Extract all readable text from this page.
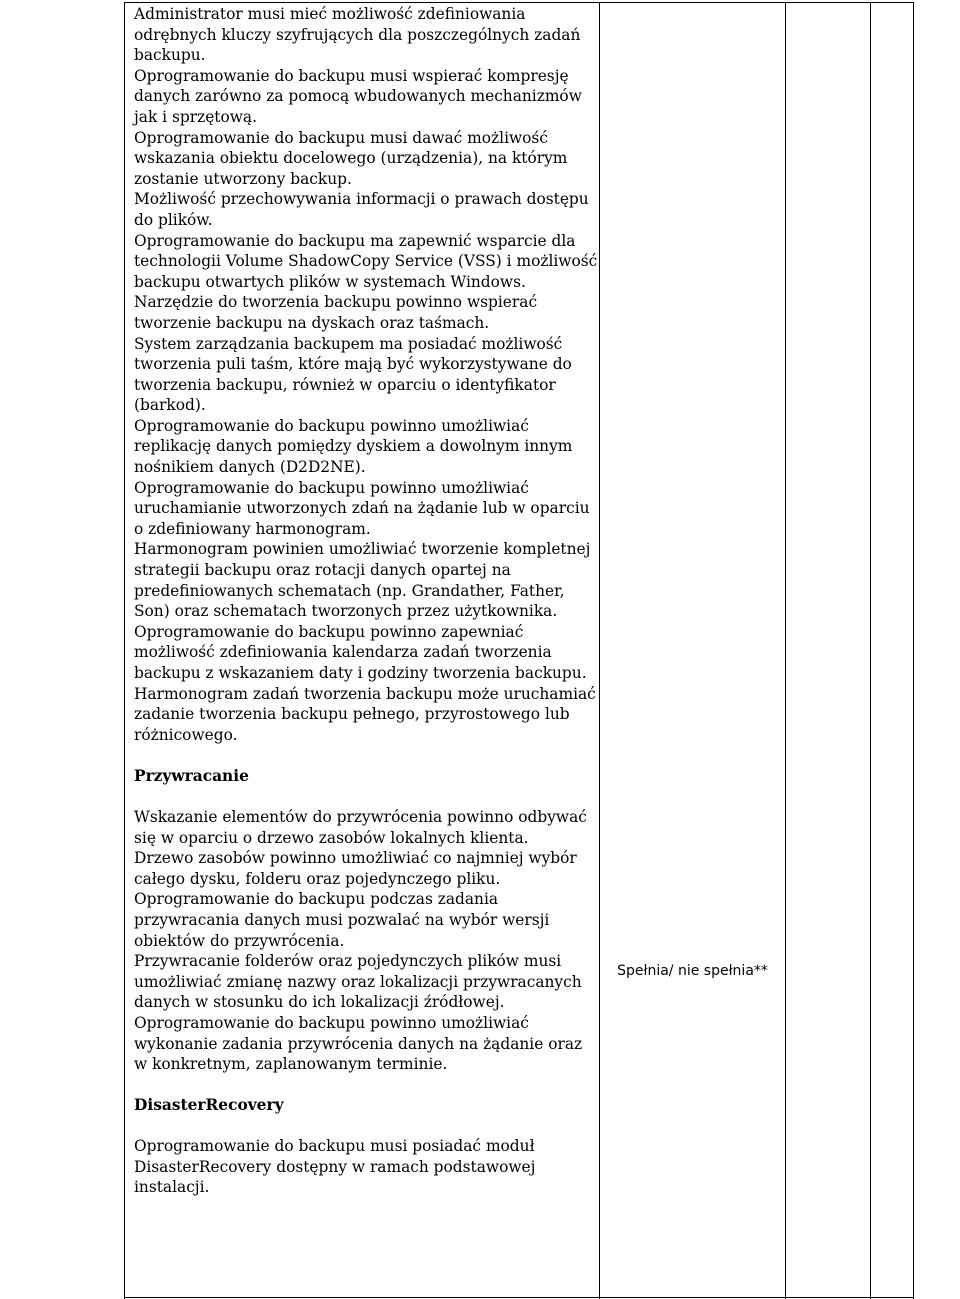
Administrator musi mieć możliwość zdefiniowania odrębnych kluczy szyfrujących dla poszczególnych zadań backupu.

Oprogramowanie do backupu musi wspierać kompresję danych zarówno za pomocą wbudowanych mechanizmów jak i sprzętową.

Oprogramowanie do backupu musi dawać możliwość wskazania obiektu docelowego (urządzenia), na którym zostanie utworzony backup.

Możliwość przechowywania informacji o prawach dostępu do plików.

Oprogramowanie do backupu ma zapewnić wsparcie dla technologii Volume ShadowCopy Service (VSS) i możliwość backupu otwartych plików w systemach Windows.

Narzędzie do tworzenia backupu powinno wspierać tworzenie backupu na dyskach oraz taśmach.

System zarządzania backupem ma posiadać możliwość tworzenia puli taśm, które mają być wykorzystywane do tworzenia backupu, również w oparciu o identyfikator (barkod).

Oprogramowanie do backupu powinno umożliwiać replikację danych pomiędzy dyskiem a dowolnym innym nośnikiem danych (D2D2NE).

Oprogramowanie do backupu powinno umożliwiać uruchamianie utworzonych zdań na żądanie lub w oparciu o zdefiniowany harmonogram.

Harmonogram powinien umożliwiać tworzenie kompletnej strategii backupu oraz rotacji danych opartej na predefiniowanych schematach (np. Grandather, Father, Son) oraz schematach tworzonych przez użytkownika.

Oprogramowanie do backupu powinno zapewniać możliwość zdefiniowania kalendarza zadań tworzenia backupu z wskazaniem daty i godziny tworzenia backupu.

Harmonogram zadań tworzenia backupu może uruchamiać zadanie tworzenia backupu pełnego, przyrostowego lub różnicowego.

Przywracanie

Wskazanie elementów do przywrócenia powinno odbywać się w oparciu o drzewo zasobów lokalnych klienta.

Drzewo zasobów powinno umożliwiać co najmniej wybór całego dysku, folderu oraz pojedynczego pliku.

Oprogramowanie do backupu podczas zadania przywracania danych musi pozwalać na wybór wersji obiektów do przywrócenia.

Przywracanie folderów oraz pojedynczych plików musi umożliwiać zmianę nazwy oraz lokalizacji przywracanych danych w stosunku do ich lokalizacji źródłowej.

Oprogramowanie do backupu powinno umożliwiać wykonanie zadania przywrócenia danych na żądanie oraz w konkretnym, zaplanowanym terminie.

DisasterRecovery

Oprogramowanie do backupu musi posiadać moduł DisasterRecovery dostępny w ramach podstawowej instalacji.

Spełnia/ nie spełnia**
